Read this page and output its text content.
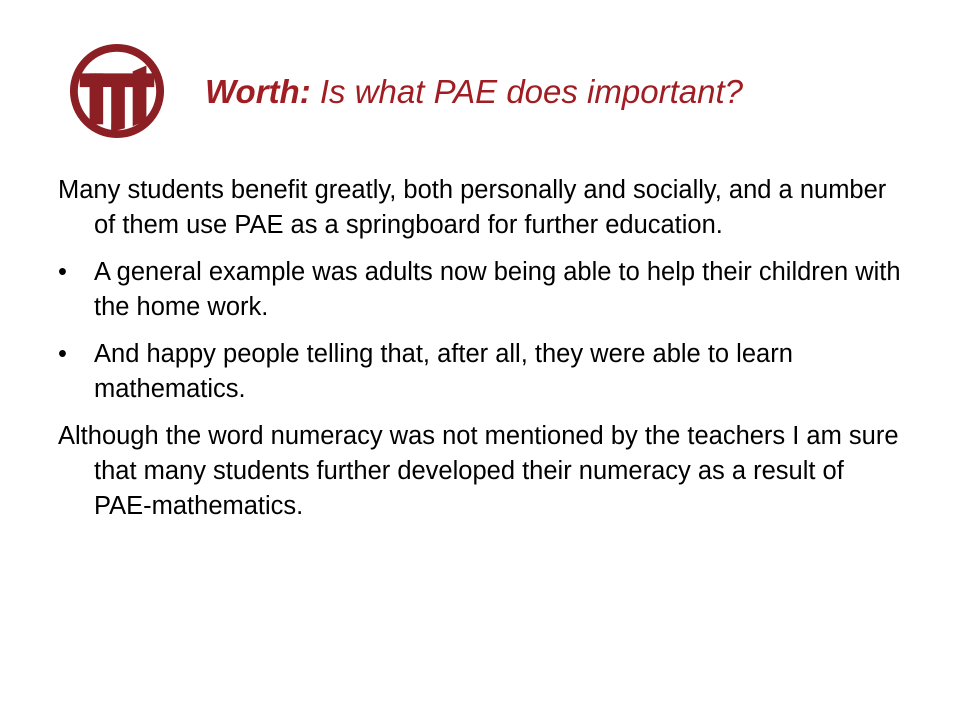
Worth: Is what PAE does important?

Many students benefit greatly, both personally and socially, and a number of them use PAE as a springboard for further education.

• A general example was adults now being able to help their children with the home work.
• And happy people telling that, after all, they were able to learn mathematics.

Although the word numeracy was not mentioned by the teachers I am sure that many students further developed their numeracy as a result of PAE-mathematics.
